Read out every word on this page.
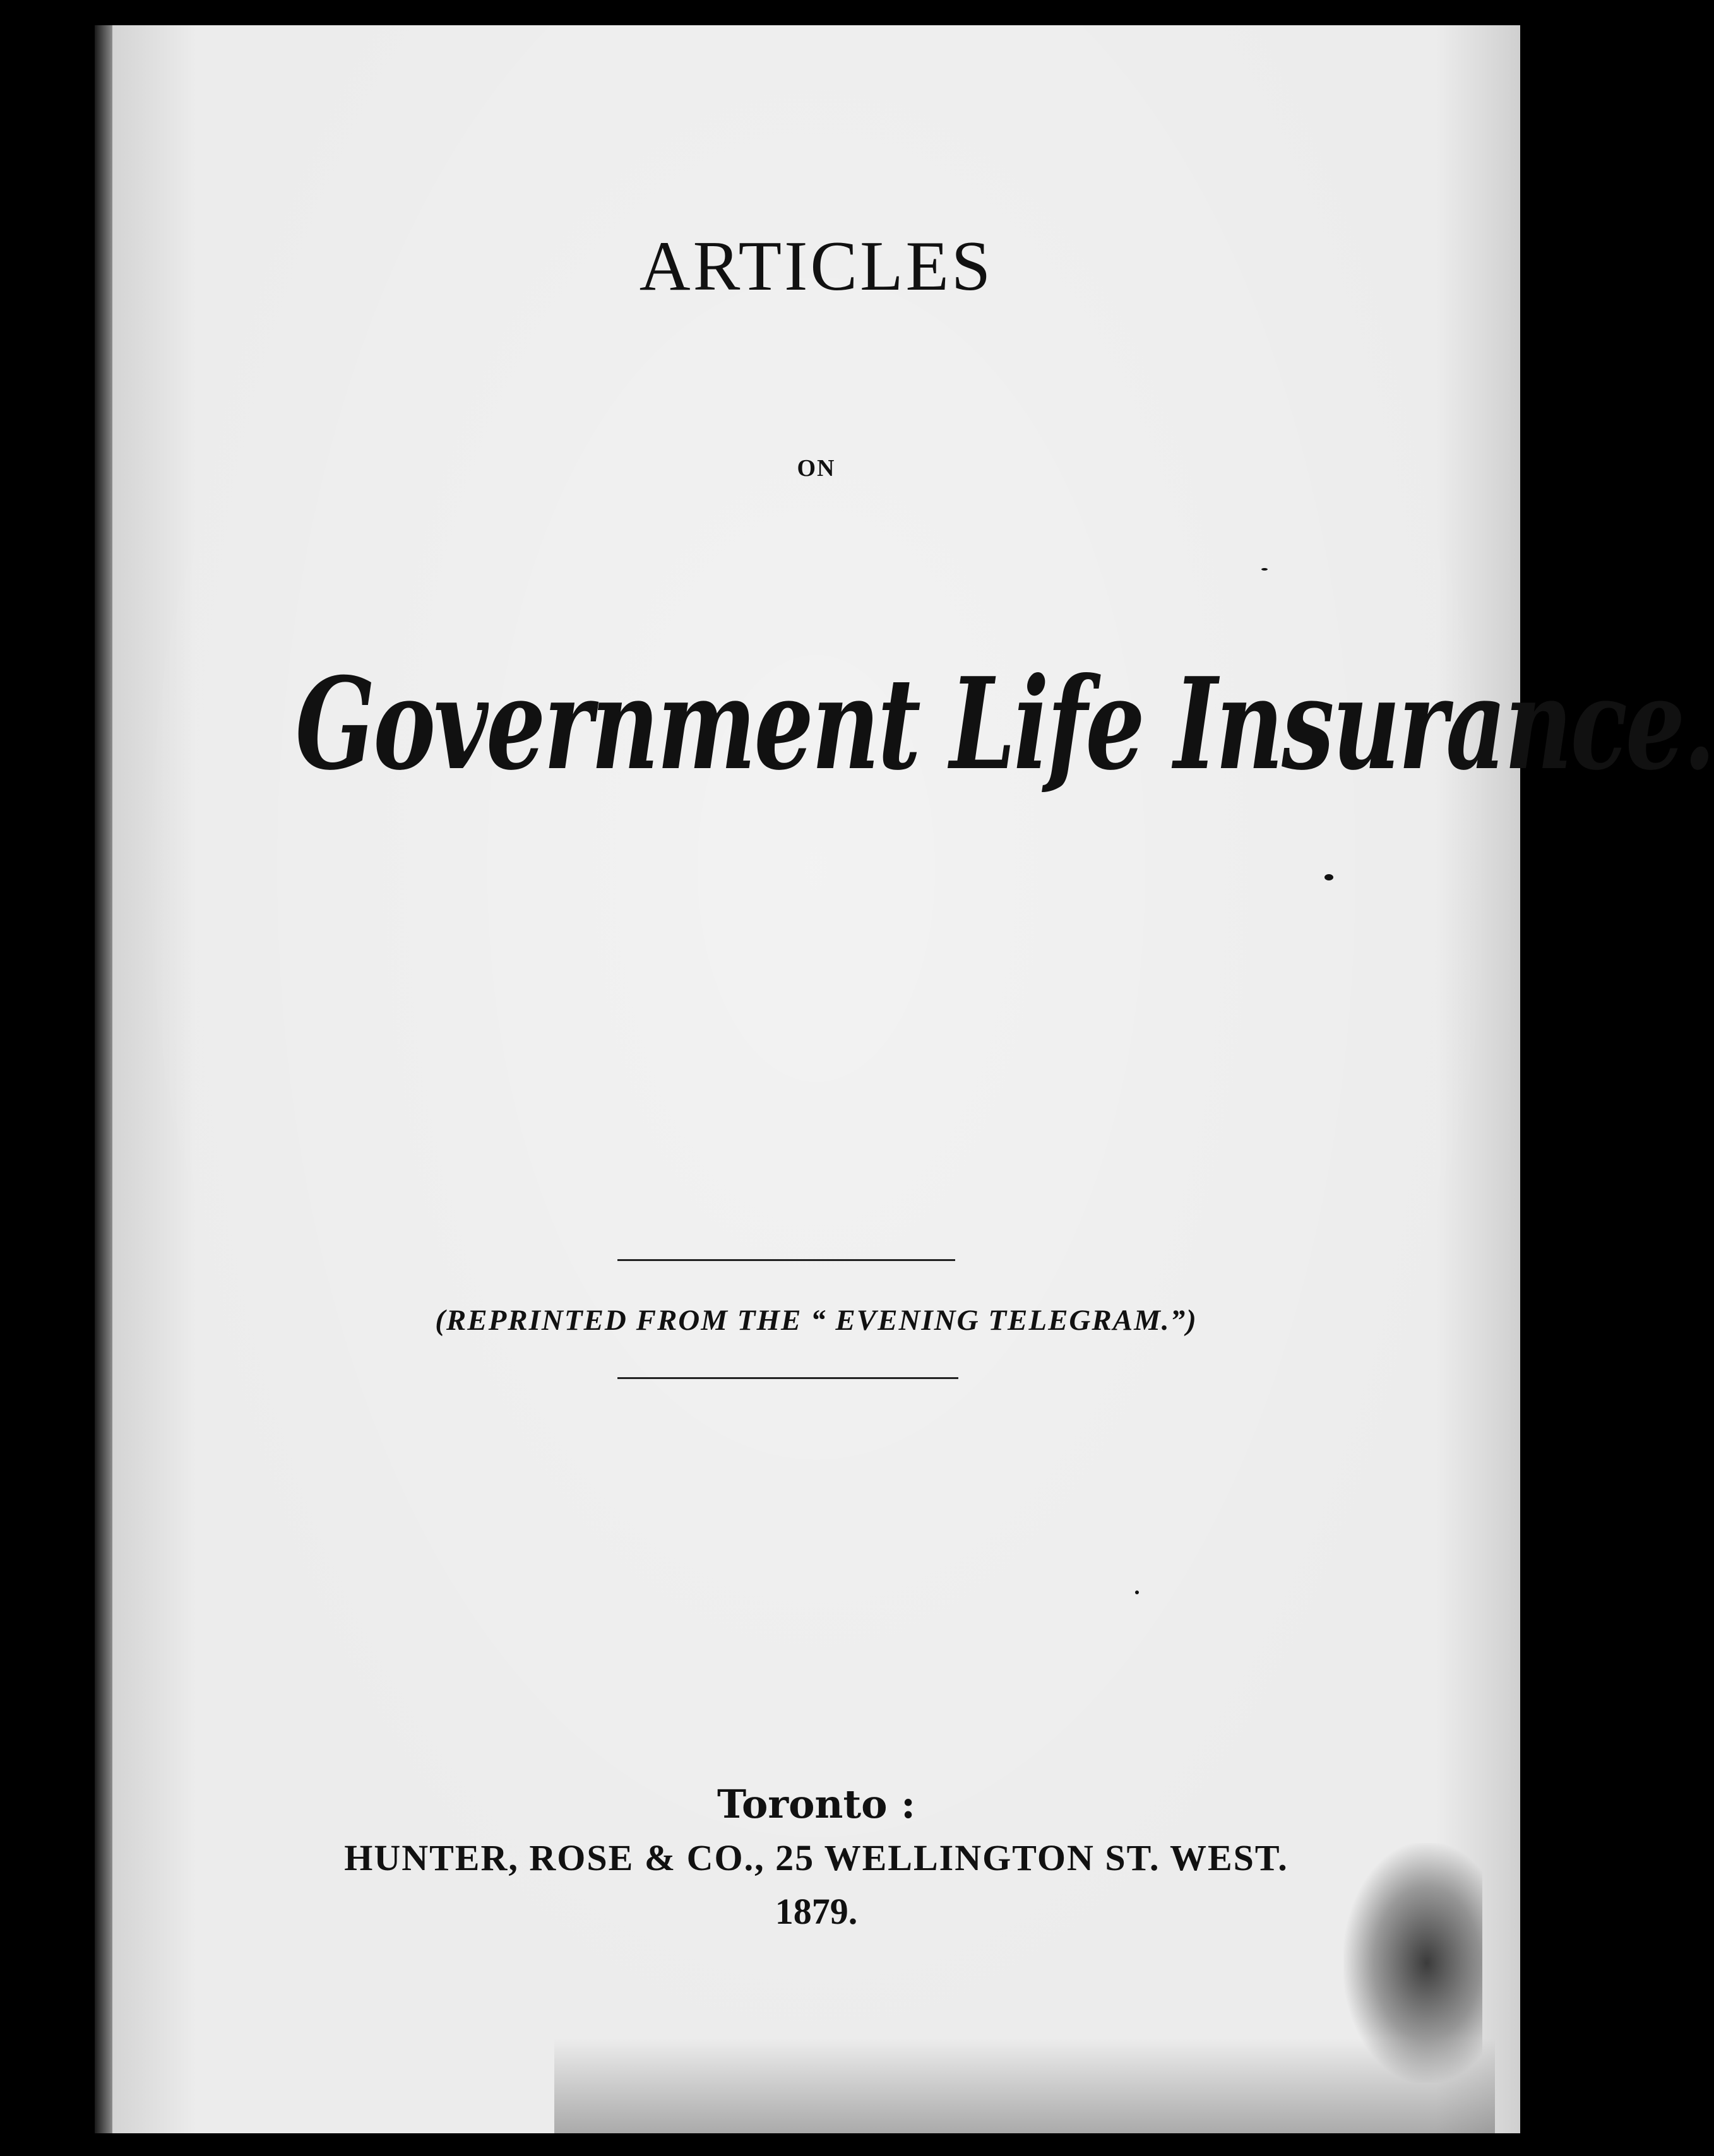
ARTICLES
ON
Government Life Insurance.
(REPRINTED FROM THE “ EVENING TELEGRAM.”)
Toronto :
HUNTER, ROSE & CO., 25 WELLINGTON ST. WEST.
1879.
